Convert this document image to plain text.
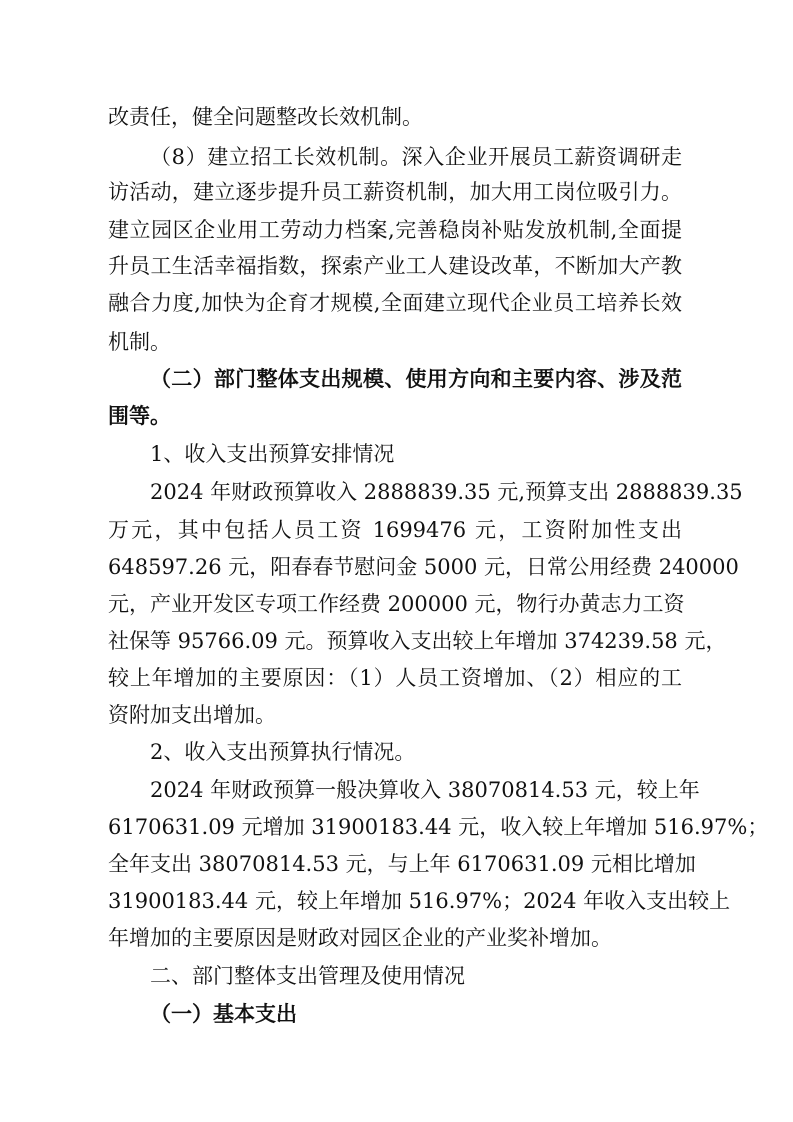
改责任，健全问题整改长效机制。
（8）建立招工长效机制。深入企业开展员工薪资调研走
访活动，建立逐步提升员工薪资机制，加大用工岗位吸引力。
建立园区企业用工劳动力档案,完善稳岗补贴发放机制,全面提
升员工生活幸福指数，探索产业工人建设改革，不断加大产教
融合力度,加快为企育才规模,全面建立现代企业员工培养长效
机制。
（二）部门整体支出规模、使用方向和主要内容、涉及范
围等。
1、收入支出预算安排情况
2024 年财政预算收入 2888839.35 元,预算支出 2888839.35
万元，其中包括人员工资 1699476 元，工资附加性支出
648597.26 元，阳春春节慰问金 5000 元，日常公用经费 240000
元，产业开发区专项工作经费 200000 元，物行办黄志力工资
社保等 95766.09 元。预算收入支出较上年增加 374239.58 元，
较上年增加的主要原因：（1）人员工资增加、（2）相应的工
资附加支出增加。
2、收入支出预算执行情况。
2024 年财政预算一般决算收入 38070814.53 元，较上年
6170631.09 元增加 31900183.44 元，收入较上年增加 516.97%；
全年支出 38070814.53 元，与上年 6170631.09 元相比增加
31900183.44 元，较上年增加 516.97%；2024 年收入支出较上
年增加的主要原因是财政对园区企业的产业奖补增加。
二、部门整体支出管理及使用情况
（一）基本支出
